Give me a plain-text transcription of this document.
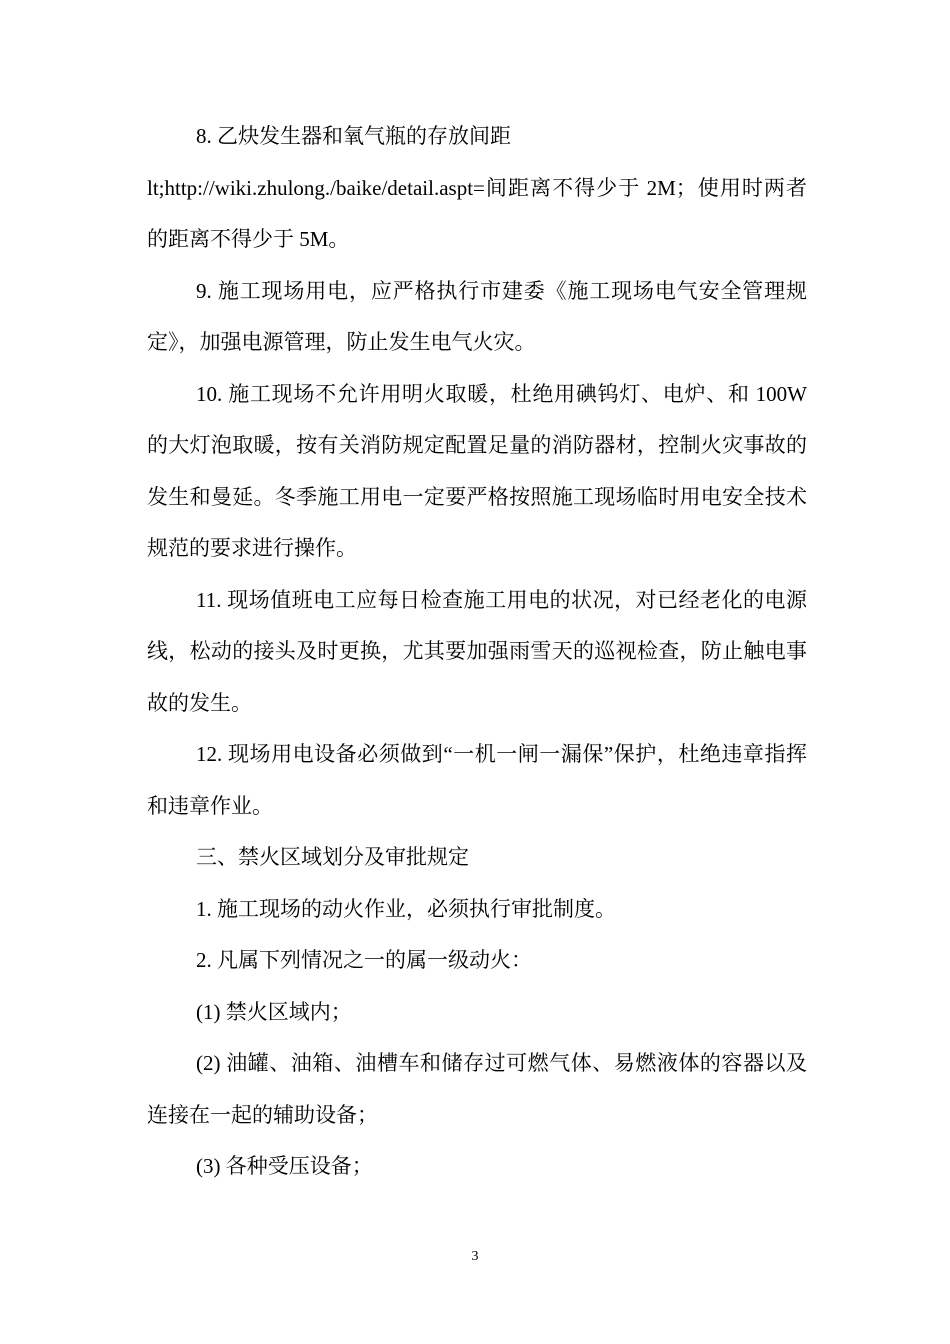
8. 乙炔发生器和氧气瓶的存放间距

lt;http://wiki.zhulong./baike/detail.aspt=间距离不得少于 2M；使用时两者的距离不得少于 5M。

9. 施工现场用电，应严格执行市建委《施工现场电气安全管理规定》，加强电源管理，防止发生电气火灾。

10. 施工现场不允许用明火取暖，杜绝用碘钨灯、电炉、和 100W 的大灯泡取暖，按有关消防规定配置足量的消防器材，控制火灾事故的发生和曼延。冬季施工用电一定要严格按照施工现场临时用电安全技术规范的要求进行操作。

11. 现场值班电工应每日检查施工用电的状况，对已经老化的电源线，松动的接头及时更换，尤其要加强雨雪天的巡视检查，防止触电事故的发生。

12. 现场用电设备必须做到“一机一闸一漏保”保护，杜绝违章指挥和违章作业。

三、禁火区域划分及审批规定

1. 施工现场的动火作业，必须执行审批制度。

2. 凡属下列情况之一的属一级动火：

(1) 禁火区域内；

(2) 油罐、油箱、油槽车和储存过可燃气体、易燃液体的容器以及连接在一起的辅助设备；

(3) 各种受压设备；

3
